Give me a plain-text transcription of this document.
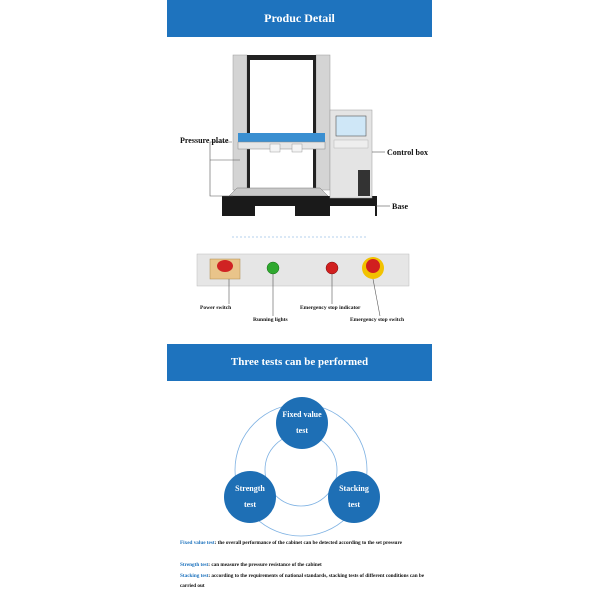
Produc Detail
Pressure plate
Control box
Base
Power switch
Running lights
Emergency stop indicator
Emergency stop switch
Three tests can be performed
Fixed value
test
Strength
test
Stacking
test
Fixed value test: the overall performance of the cabinet can be detected according to the set pressure
Strength test: can measure the pressure resistance of the cabinet
Stacking test: according to the requirements of national standards, stacking tests of different conditions can be carried out
